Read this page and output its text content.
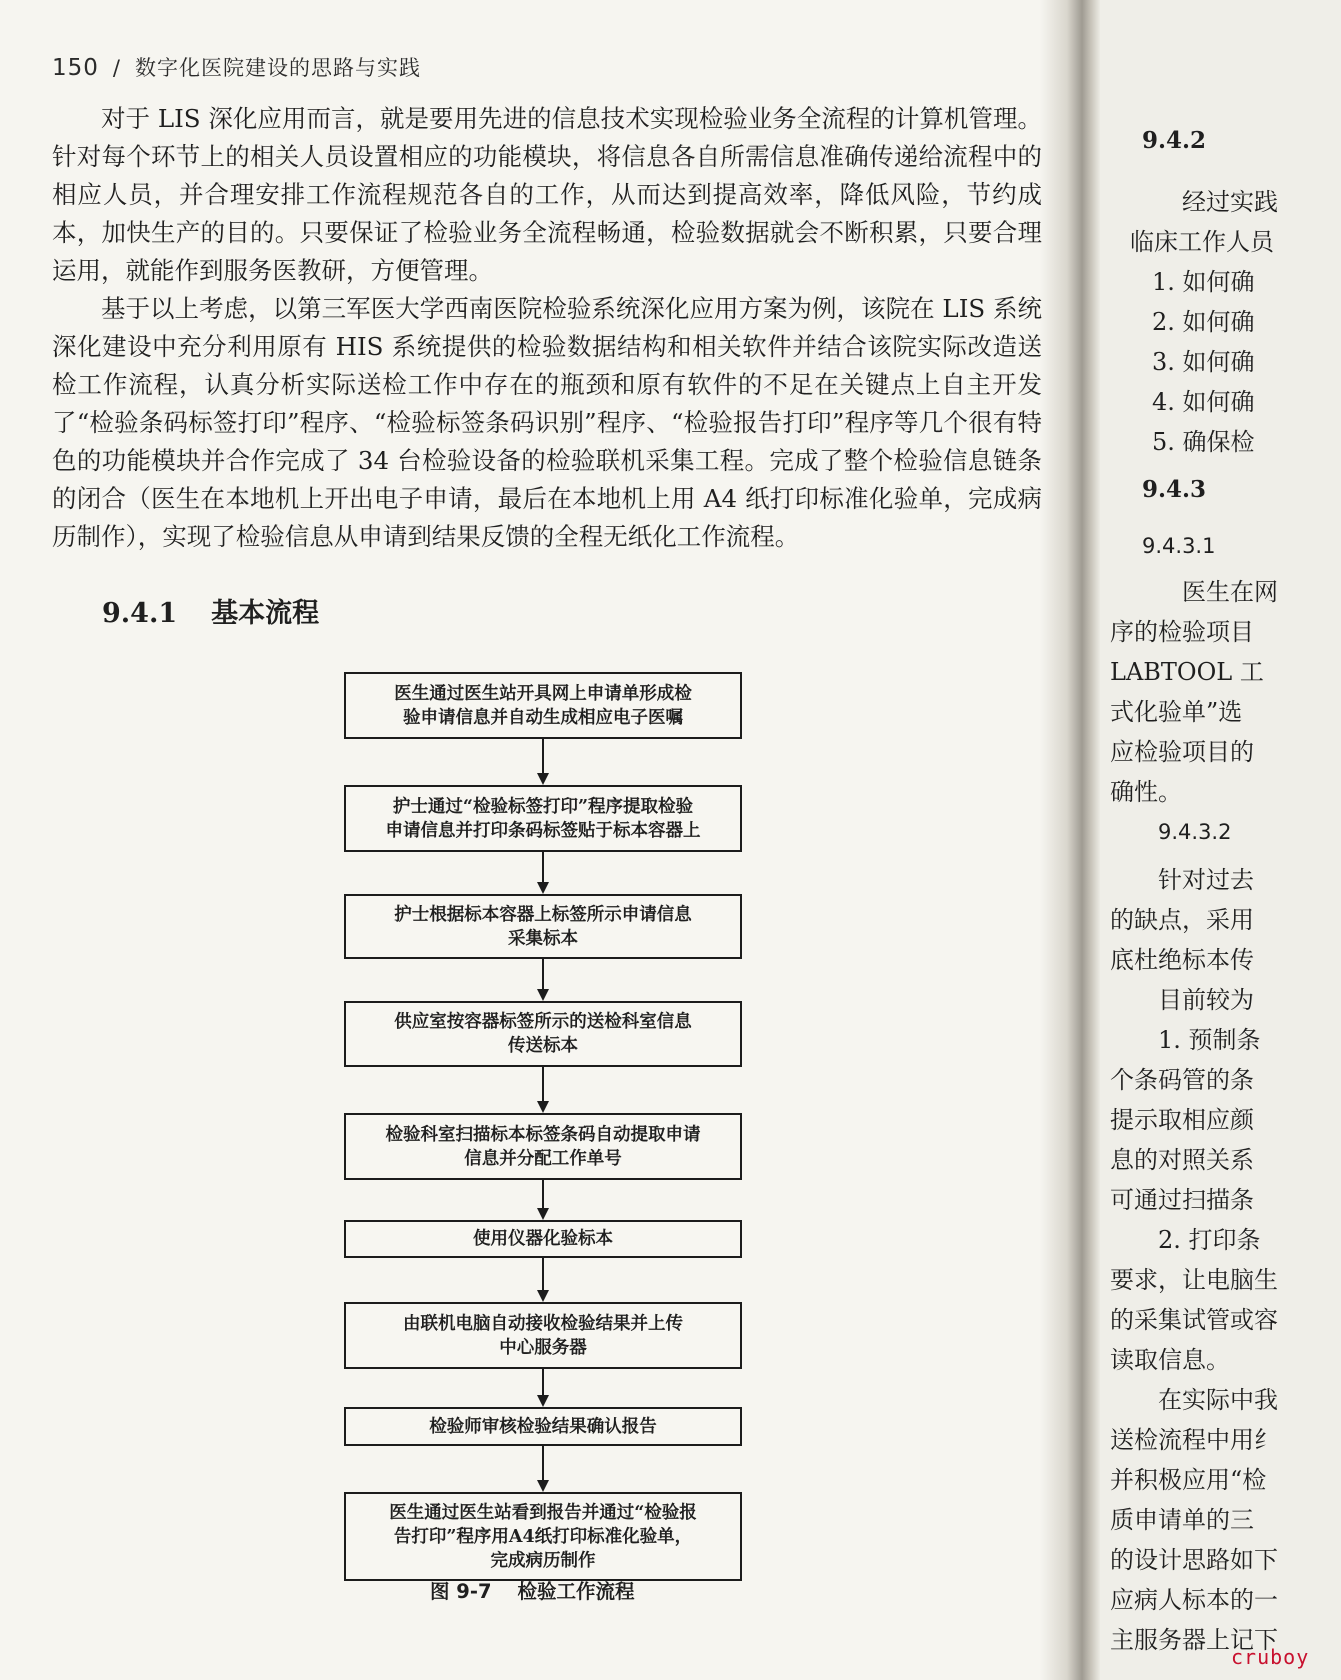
150 / 数字化医院建设的思路与实践

对于 LIS 深化应用而言，就是要用先进的信息技术实现检验业务全流程的计算机管理。针对每个环节上的相关人员设置相应的功能模块，将信息各自所需信息准确传递给流程中的相应人员，并合理安排工作流程规范各自的工作，从而达到提高效率，降低风险，节约成本，加快生产的目的。只要保证了检验业务全流程畅通，检验数据就会不断积累，只要合理运用，就能作到服务医教研，方便管理。

基于以上考虑，以第三军医大学西南医院检验系统深化应用方案为例，该院在 LIS 系统深化建设中充分利用原有 HIS 系统提供的检验数据结构和相关软件并结合该院实际改造送检工作流程，认真分析实际送检工作中存在的瓶颈和原有软件的不足在关键点上自主开发了“检验条码标签打印”程序、“检验标签条码识别”程序、“检验报告打印”程序等几个很有特色的功能模块并合作完成了 34 台检验设备的检验联机采集工程。完成了整个检验信息链条的闭合（医生在本地机上开出电子申请，最后在本地机上用 A4 纸打印标准化验单，完成病历制作），实现了检验信息从申请到结果反馈的全程无纸化工作流程。

9.4.1 基本流程
医生通过医生站开具网上申请单形成检
验申请信息并自动生成相应电子医嘱
护士通过“检验标签打印”程序提取检验
申请信息并打印条码标签贴于标本容器上
护士根据标本容器上标签所示申请信息
采集标本
供应室按容器标签所示的送检科室信息
传送标本
检验科室扫描标本标签条码自动提取申请
信息并分配工作单号
使用仪器化验标本
由联机电脑自动接收检验结果并上传
中心服务器
检验师审核检验结果确认报告
医生通过医生站看到报告并通过“检验报
告打印”程序用A4纸打印标准化验单，
完成病历制作
图 9-7 检验工作流程
9.4.2
经过实践
临床工作人员
1. 如何确
2. 如何确
3. 如何确
4. 如何确
5. 确保检
9.4.3
9.4.3.1
医生在网
序的检验项目
LABTOOL 工
式化验单”选
应检验项目的
确性。
9.4.3.2
针对过去
的缺点，采用
底杜绝标本传
目前较为
1. 预制条
个条码管的条
提示取相应颜
息的对照关系
可通过扫描条
2. 打印条
要求，让电脑生
的采集试管或容
读取信息。
在实际中我
送检流程中用纟
并积极应用“检
质申请单的三
的设计思路如下
应病人标本的一
主服务器上记下
cruboy
